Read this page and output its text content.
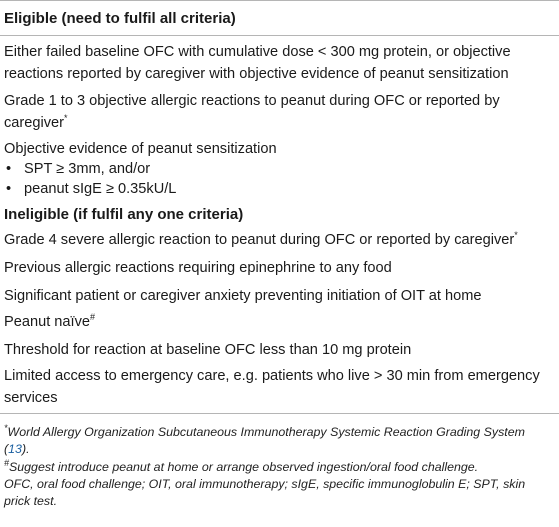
Eligible (need to fulfil all criteria)
Either failed baseline OFC with cumulative dose < 300 mg protein, or objective reactions reported by caregiver with objective evidence of peanut sensitization
Grade 1 to 3 objective allergic reactions to peanut during OFC or reported by caregiver*
Objective evidence of peanut sensitization
• SPT ≥ 3mm, and/or
• peanut sIgE ≥ 0.35kU/L
Ineligible (if fulfil any one criteria)
Grade 4 severe allergic reaction to peanut during OFC or reported by caregiver*
Previous allergic reactions requiring epinephrine to any food
Significant patient or caregiver anxiety preventing initiation of OIT at home
Peanut naïve#
Threshold for reaction at baseline OFC less than 10 mg protein
Limited access to emergency care, e.g. patients who live > 30 min from emergency services
*World Allergy Organization Subcutaneous Immunotherapy Systemic Reaction Grading System (13).
#Suggest introduce peanut at home or arrange observed ingestion/oral food challenge.
OFC, oral food challenge; OIT, oral immunotherapy; sIgE, specific immunoglobulin E; SPT, skin prick test.
